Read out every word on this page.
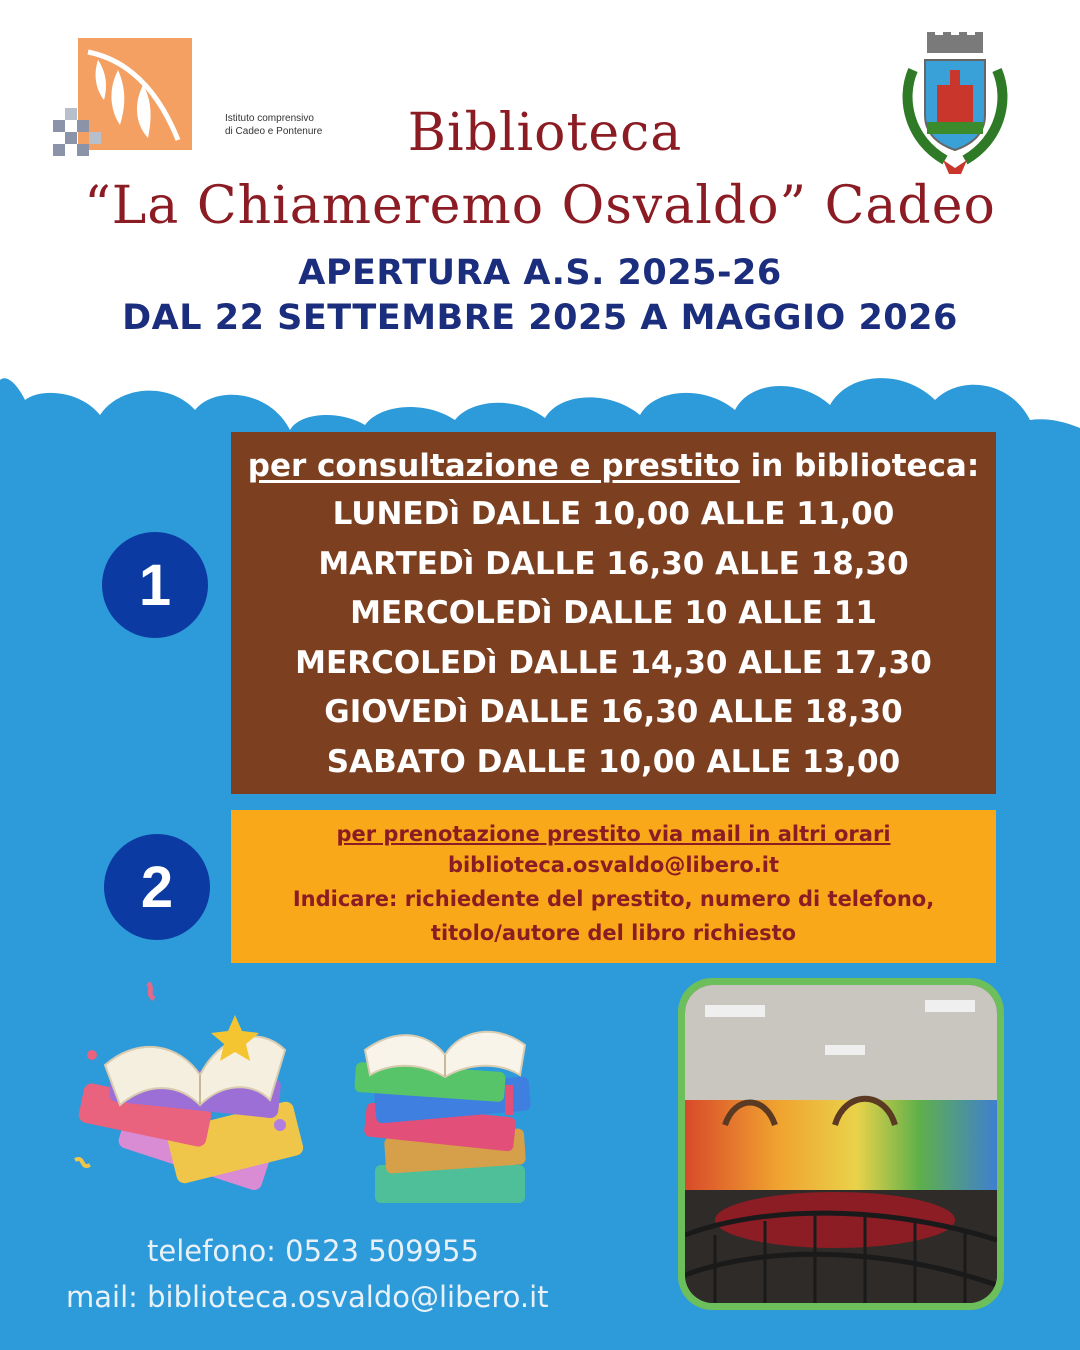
Istituto comprensivo
di Cadeo e Pontenure	Biblioteca
“La Chiameremo Osvaldo” Cadeo
APERTURA A.S. 2025-26
DAL 22 SETTEMBRE 2025 A MAGGIO 2026
1
per consultazione e prestito in biblioteca:
LUNEDì DALLE 10,00 ALLE 11,00
MARTEDì DALLE 16,30 ALLE 18,30
MERCOLEDì DALLE 10 ALLE 11
MERCOLEDì DALLE 14,30 ALLE 17,30
GIOVEDì DALLE 16,30 ALLE 18,30
SABATO DALLE 10,00 ALLE 13,00
2
per prenotazione prestito via mail in altri orari
biblioteca.osvaldo@libero.it
Indicare: richiedente del prestito, numero di telefono,
titolo/autore del libro richiesto
telefono: 0523 509955
mail: biblioteca.osvaldo@libero.it
